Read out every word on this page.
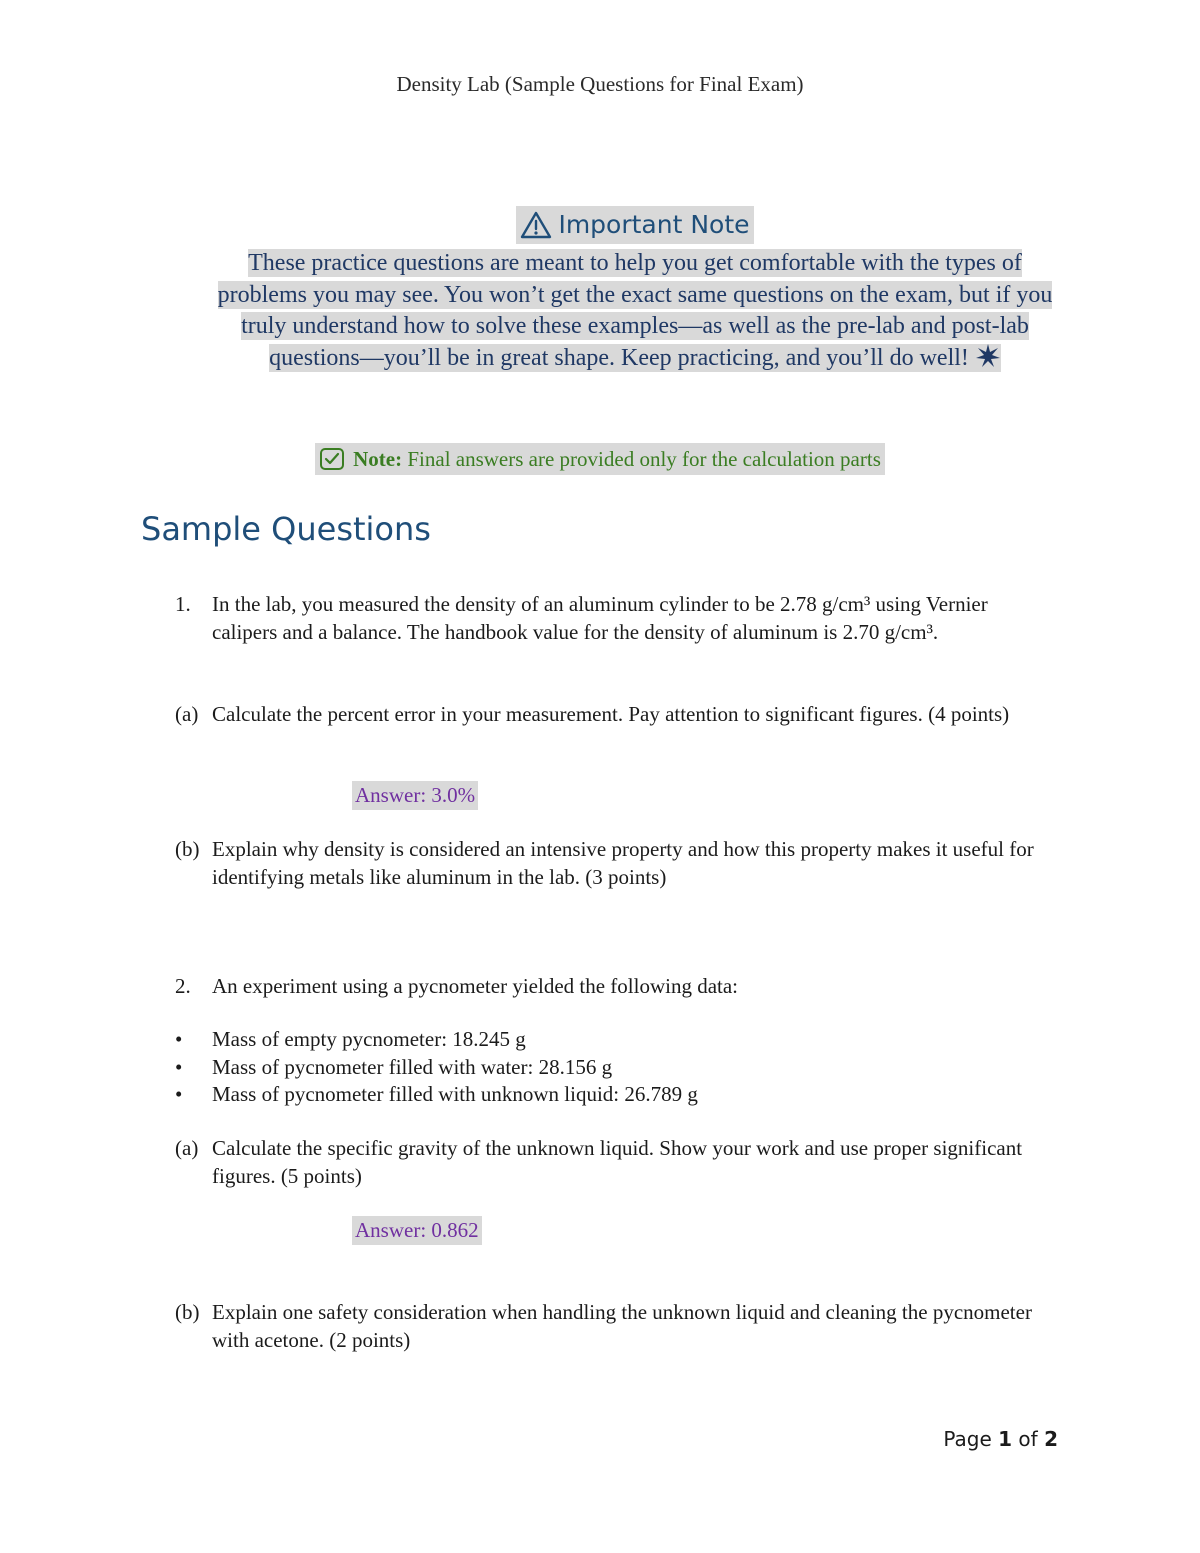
Density Lab (Sample Questions for Final Exam)
Important Note
These practice questions are meant to help you get comfortable with the types of problems you may see. You won’t get the exact same questions on the exam, but if you truly understand how to solve these examples—as well as the pre-lab and post-lab questions—you’ll be in great shape. Keep practicing, and you’ll do well!
Note: Final answers are provided only for the calculation parts
Sample Questions
1. In the lab, you measured the density of an aluminum cylinder to be 2.78 g/cm³ using Vernier calipers and a balance. The handbook value for the density of aluminum is 2.70 g/cm³.
(a) Calculate the percent error in your measurement. Pay attention to significant figures. (4 points)
Answer: 3.0%
(b) Explain why density is considered an intensive property and how this property makes it useful for identifying metals like aluminum in the lab. (3 points)
2. An experiment using a pycnometer yielded the following data:
• Mass of empty pycnometer: 18.245 g
• Mass of pycnometer filled with water: 28.156 g
• Mass of pycnometer filled with unknown liquid: 26.789 g
(a) Calculate the specific gravity of the unknown liquid. Show your work and use proper significant figures. (5 points)
Answer: 0.862
(b) Explain one safety consideration when handling the unknown liquid and cleaning the pycnometer with acetone. (2 points)
Page 1 of 2
